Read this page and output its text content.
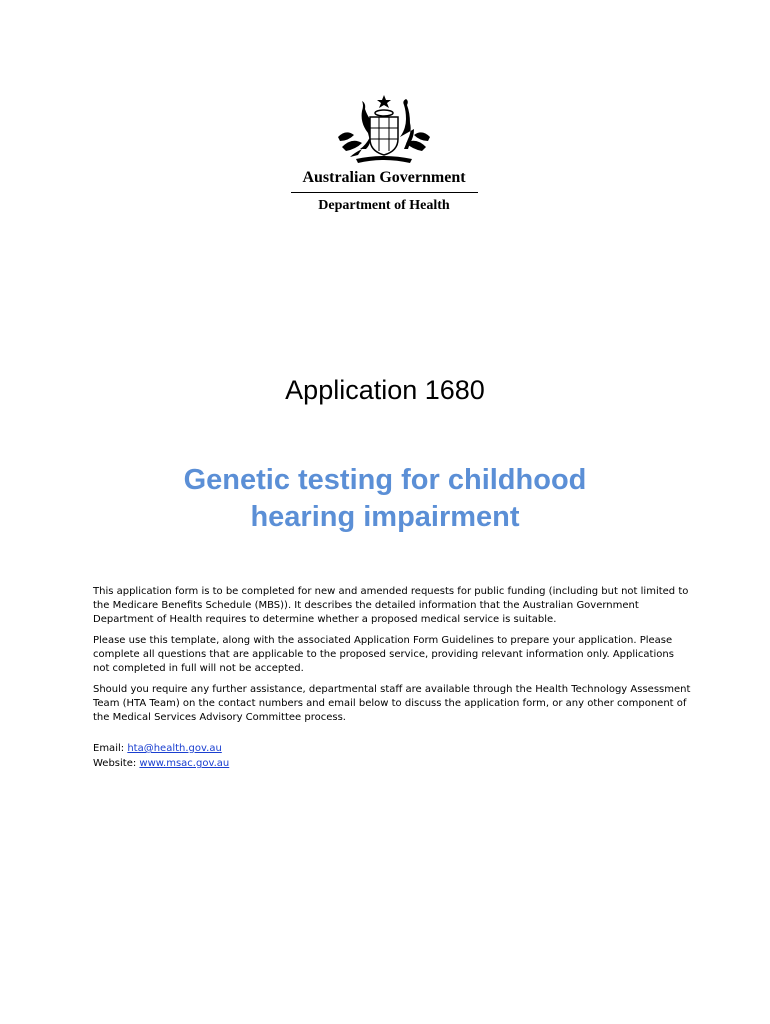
Australian Government
Department of Health
Application 1680
Genetic testing for childhood
hearing impairment

This application form is to be completed for new and amended requests for public funding (including but not limited to the Medicare Benefits Schedule (MBS)). It describes the detailed information that the Australian Government Department of Health requires to determine whether a proposed medical service is suitable.

Please use this template, along with the associated Application Form Guidelines to prepare your application. Please complete all questions that are applicable to the proposed service, providing relevant information only. Applications not completed in full will not be accepted.

Should you require any further assistance, departmental staff are available through the Health Technology Assessment Team (HTA Team) on the contact numbers and email below to discuss the application form, or any other component of the Medical Services Advisory Committee process.

Email: hta@health.gov.au
Website: www.msac.gov.au
